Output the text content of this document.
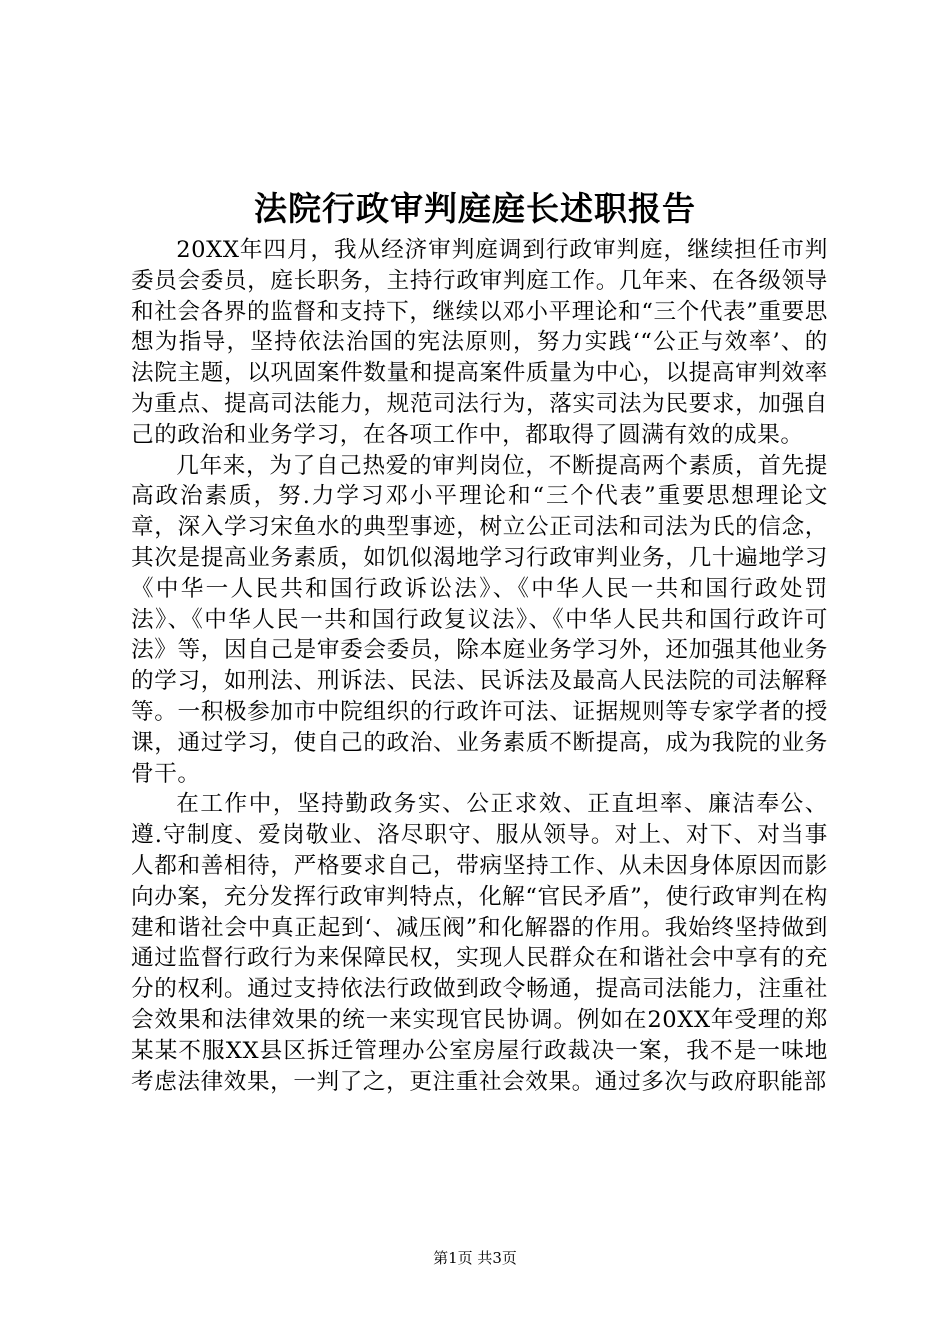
法院行政审判庭庭长述职报告

20XX年四月，我从经济审判庭调到行政审判庭，继续担任市判委员会委员，庭长职务，主持行政审判庭工作。几年来、在各级领导和社会各界的监督和支持下，继续以邓小平理论和“三个代表”重要思想为指导，坚持依法治国的宪法原则，努力实践‘“公正与效率’、的法院主题，以巩固案件数量和提高案件质量为中心，以提高审判效率为重点、提高司法能力，规范司法行为，落实司法为民要求，加强自己的政治和业务学习，在各项工作中，都取得了圆满有效的成果。

几年来，为了自己热爱的审判岗位，不断提高两个素质，首先提高政治素质，努.力学习邓小平理论和“三个代表”重要思想理论文章，深入学习宋鱼水的典型事迹，树立公正司法和司法为氏的信念，其次是提高业务素质，如饥似渴地学习行政审判业务，几十遍地学习《中华一人民共和国行政诉讼法》、《中华人民一共和国行政处罚法》、《中华人民一共和国行政复议法》、《中华人民共和国行政许可法》等，因自己是审委会委员，除本庭业务学习外，还加强其他业务的学习，如刑法、刑诉法、民法、民诉法及最高人民法院的司法解释等。一积极参加市中院组织的行政许可法、证据规则等专家学者的授课，通过学习，使自己的政治、业务素质不断提高，成为我院的业务骨干。

在工作中，坚持勤政务实、公正求效、正直坦率、廉洁奉公、遵.守制度、爱岗敬业、洛尽职守、服从领导。对上、对下、对当事人都和善相待，严格要求自己，带病坚持工作、从未因身体原因而影向办案，充分发挥行政审判特点，化解“官民矛盾”，使行政审判在构建和谐社会中真正起到‘、减压阀”和化解器的作用。我始终坚持做到通过监督行政行为来保障民权，实现人民群众在和谐社会中享有的充分的权利。通过支持依法行政做到政令畅通，提高司法能力，注重社会效果和法律效果的统一来实现官民协调。例如在20XX年受理的郑某某不服XX县区拆迁管理办公室房屋行政裁决一案，我不是一味地考虑法律效果，一判了之，更注重社会效果。通过多次与政府职能部

第1页 共3页
